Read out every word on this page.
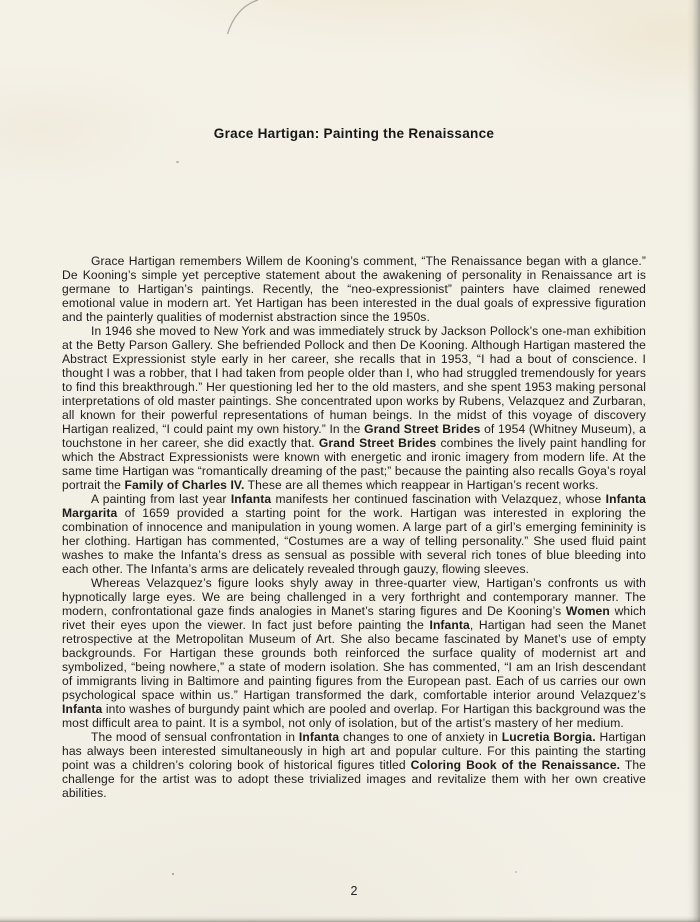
Grace Hartigan: Painting the Renaissance

Grace Hartigan remembers Willem de Kooning’s comment, “The Renaissance began with a glance.” De Kooning’s simple yet perceptive statement about the awakening of personality in Renaissance art is germane to Hartigan’s paintings. Recently, the “neo-expressionist” painters have claimed renewed emotional value in modern art. Yet Hartigan has been interested in the dual goals of expressive figuration and the painterly qualities of modernist abstraction since the 1950s.

In 1946 she moved to New York and was immediately struck by Jackson Pollock’s one-man exhibition at the Betty Parson Gallery. She befriended Pollock and then De Kooning. Although Hartigan mastered the Abstract Expressionist style early in her career, she recalls that in 1953, “I had a bout of conscience. I thought I was a robber, that I had taken from people older than I, who had struggled tremendously for years to find this breakthrough.” Her questioning led her to the old masters, and she spent 1953 making personal interpretations of old master paintings. She concentrated upon works by Rubens, Velazquez and Zurbaran, all known for their powerful representations of human beings. In the midst of this voyage of discovery Hartigan realized, “I could paint my own history.” In the Grand Street Brides of 1954 (Whitney Museum), a touchstone in her career, she did exactly that. Grand Street Brides combines the lively paint handling for which the Abstract Expressionists were known with energetic and ironic imagery from modern life. At the same time Hartigan was “romantically dreaming of the past;” because the painting also recalls Goya’s royal portrait the Family of Charles IV. These are all themes which reappear in Hartigan’s recent works.

A painting from last year Infanta manifests her continued fascination with Velazquez, whose Infanta Margarita of 1659 provided a starting point for the work. Hartigan was interested in exploring the combination of innocence and manipulation in young women. A large part of a girl’s emerging femininity is her clothing. Hartigan has commented, “Costumes are a way of telling personality.” She used fluid paint washes to make the Infanta’s dress as sensual as possible with several rich tones of blue bleeding into each other. The Infanta’s arms are delicately revealed through gauzy, flowing sleeves.

Whereas Velazquez’s figure looks shyly away in three-quarter view, Hartigan’s confronts us with hypnotically large eyes. We are being challenged in a very forthright and contemporary manner. The modern, confrontational gaze finds analogies in Manet’s staring figures and De Kooning’s Women which rivet their eyes upon the viewer. In fact just before painting the Infanta, Hartigan had seen the Manet retrospective at the Metropolitan Museum of Art. She also became fascinated by Manet’s use of empty backgrounds. For Hartigan these grounds both reinforced the surface quality of modernist art and symbolized, “being nowhere,” a state of modern isolation. She has commented, “I am an Irish descendant of immigrants living in Baltimore and painting figures from the European past. Each of us carries our own psychological space within us.” Hartigan transformed the dark, comfortable interior around Velazquez’s Infanta into washes of burgundy paint which are pooled and overlap. For Hartigan this background was the most difficult area to paint. It is a symbol, not only of isolation, but of the artist’s mastery of her medium.

The mood of sensual confrontation in Infanta changes to one of anxiety in Lucretia Borgia. Hartigan has always been interested simultaneously in high art and popular culture. For this painting the starting point was a children’s coloring book of historical figures titled Coloring Book of the Renaissance. The challenge for the artist was to adopt these trivialized images and revitalize them with her own creative abilities.

2
